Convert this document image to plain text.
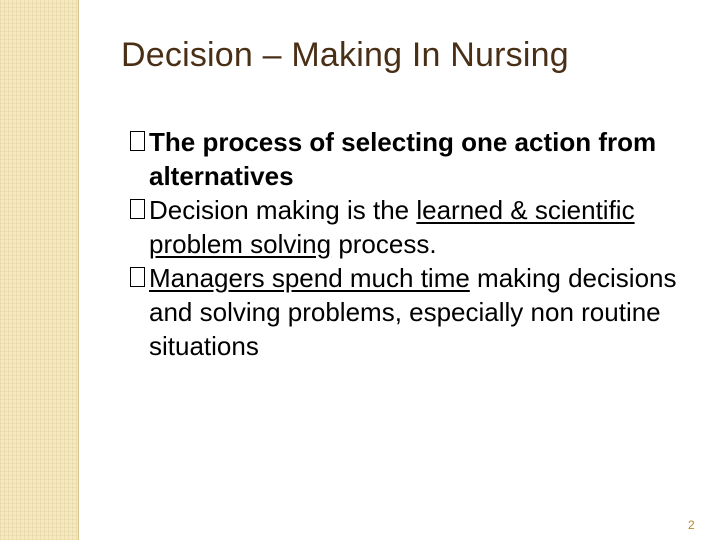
Decision – Making In Nursing
The process of selecting one action from alternatives
Decision making is the learned & scientific problem solving process.
Managers spend much time making decisions and solving problems, especially non routine situations
2
